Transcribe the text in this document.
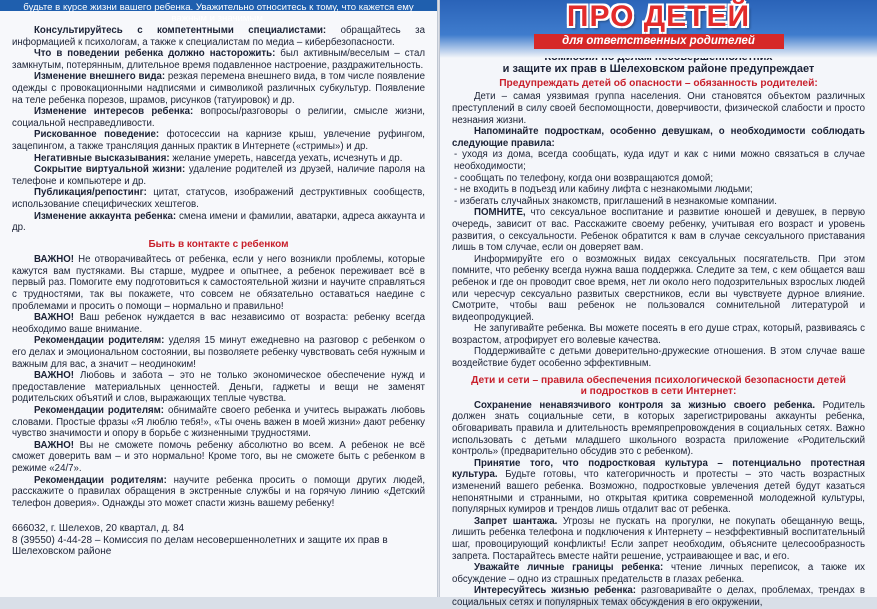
будьте в курсе жизни вашего ребенка. Уважительно относитесь к тому, что кажется ему важным и значимым.

Консультируйтесь с компетентными специалистами: обращайтесь за информацией к психологам, а также к специалистам по медиа – кибербезопасности.

Что в поведении ребенка должно насторожить: был активным/веселым – стал замкнутым, потерянным, длительное время подавленное настроение, раздражительность.

Изменение внешнего вида: резкая перемена внешнего вида, в том числе появление одежды с провокационными надписями и символикой различных субкультур. Появление на теле ребенка порезов, шрамов, рисунков (татуировок) и др.

Изменение интересов ребенка: вопросы/разговоры о религии, смысле жизни, социальной несправедливости.

Рискованное поведение: фотосессии на карнизе крыш, увлечение руфингом, зацепингом, а также трансляция данных практик в Интернете («стримы») и др.

Негативные высказывания: желание умереть, навсегда уехать, исчезнуть и др.

Сокрытие виртуальной жизни: удаление родителей из друзей, наличие пароля на телефоне и компьютере и др.

Публикация/репостинг: цитат, статусов, изображений деструктивных сообществ, использование специфических хештегов.

Изменение аккаунта ребенка: смена имени и фамилии, аватарки, адреса аккаунта и др.

Быть в контакте с ребенком

ВАЖНО! Не отворачивайтесь от ребенка, если у него возникли проблемы, которые кажутся вам пустяками. Вы старше, мудрее и опытнее, а ребенок переживает всё в первый раз. Помогите ему подготовиться к самостоятельной жизни и научите справляться с трудностями, так вы покажете, что совсем не обязательно оставаться наедине с проблемами и просить о помощи – нормально и правильно!

ВАЖНО! Ваш ребенок нуждается в вас независимо от возраста: ребенку всегда необходимо ваше внимание.

Рекомендации родителям: уделяя 15 минут ежедневно на разговор с ребенком о его делах и эмоциональном состоянии, вы позволяете ребенку чувствовать себя нужным и важным для вас, а значит – неодиноким!

ВАЖНО! Любовь и забота – это не только экономическое обеспечение нужд и предоставление материальных ценностей. Деньги, гаджеты и вещи не заменят родительских объятий и слов, выражающих теплые чувства.

Рекомендации родителям: обнимайте своего ребенка и учитесь выражать любовь словами. Простые фразы «Я люблю тебя!», «Ты очень важен в моей жизни» дают ребенку чувство значимости и опору в борьбе с жизненными трудностями.

ВАЖНО! Вы не сможете помочь ребенку абсолютно во всем. А ребенок не всё сможет доверить вам – и это нормально! Кроме того, вы не сможете быть с ребенком в режиме «24/7».

Рекомендации родителям: научите ребенка просить о помощи других людей, расскажите о правилах обращения в экстренные службы и на горячую линию «Детский телефон доверия». Однажды это может спасти жизнь вашему ребенку!

666032, г. Шелехов, 20 квартал, д. 84
8 (39550) 4-44-28 – Комиссия по делам несовершеннолетних и защите их прав в Шелеховском районе
ПРО ДЕТЕЙ
для ответственных родителей
и защите их прав в Шелеховском районе предупреждает
Предупреждать детей об опасности – обязанность родителей:

Дети – самая уязвимая группа населения. Они становятся объектом различных преступлений в силу своей беспомощности, доверчивости, физической слабости и просто незнания жизни.

Напоминайте подросткам, особенно девушкам, о необходимости соблюдать следующие правила:

- уходя из дома, всегда сообщать, куда идут и как с ними можно связаться в случае необходимости;

- сообщать по телефону, когда они возвращаются домой;

- не входить в подъезд или кабину лифта с незнакомыми людьми;

- избегать случайных знакомств, приглашений в незнакомые компании.

ПОМНИТЕ, что сексуальное воспитание и развитие юношей и девушек, в первую очередь, зависит от вас. Расскажите своему ребенку, учитывая его возраст и уровень развития, о сексуальности. Ребенок обратится к вам в случае сексуального приставания лишь в том случае, если он доверяет вам.

Информируйте его о возможных видах сексуальных посягательств. При этом помните, что ребенку всегда нужна ваша поддержка. Следите за тем, с кем общается ваш ребенок и где он проводит свое время, нет ли около него подозрительных взрослых людей или чересчур сексуально развитых сверстников, если вы чувствуете дурное влияние. Смотрите, чтобы ваш ребенок не пользовался сомнительной литературой и видеопродукцией.

Не запугивайте ребенка. Вы можете посеять в его душе страх, который, развиваясь с возрастом, атрофирует его волевые качества.

Поддерживайте с детьми доверительно-дружеские отношения. В этом случае ваше воздействие будет особенно эффективным.

Дети и сети – правила обеспечения психологической безопасности детей
и подростков в сети Интернет:

Сохранение ненавязчивого контроля за жизнью своего ребенка. Родитель должен знать социальные сети, в которых зарегистрированы аккаунты ребенка, обговаривать правила и длительность времяпрепровождения в социальных сетях. Важно использовать с детьми младшего школьного возраста приложение «Родительский контроль» (предварительно обсудив это с ребенком).

Принятие того, что подростковая культура – потенциально протестная культура. Будьте готовы, что категоричность и протесты – это часть возрастных изменений вашего ребенка. Возможно, подростковые увлечения детей будут казаться непонятными и странными, но открытая критика современной молодежной культуры, популярных кумиров и трендов лишь отдалит вас от ребенка.

Запрет шантажа. Угрозы не пускать на прогулки, не покупать обещанную вещь, лишить ребенка телефона и подключения к Интернету – неэффективный воспитательный шаг, провоцирующий конфликты! Если запрет необходим, объясните целесообразность запрета. Постарайтесь вместе найти решение, устраивающее и вас, и его.

Уважайте личные границы ребенка: чтение личных переписок, а также их обсуждение – одно из страшных предательств в глазах ребенка.

Интересуйтесь жизнью ребенка: разговаривайте о делах, проблемах, трендах в социальных сетях и популярных темах обсуждения в его окружении,
